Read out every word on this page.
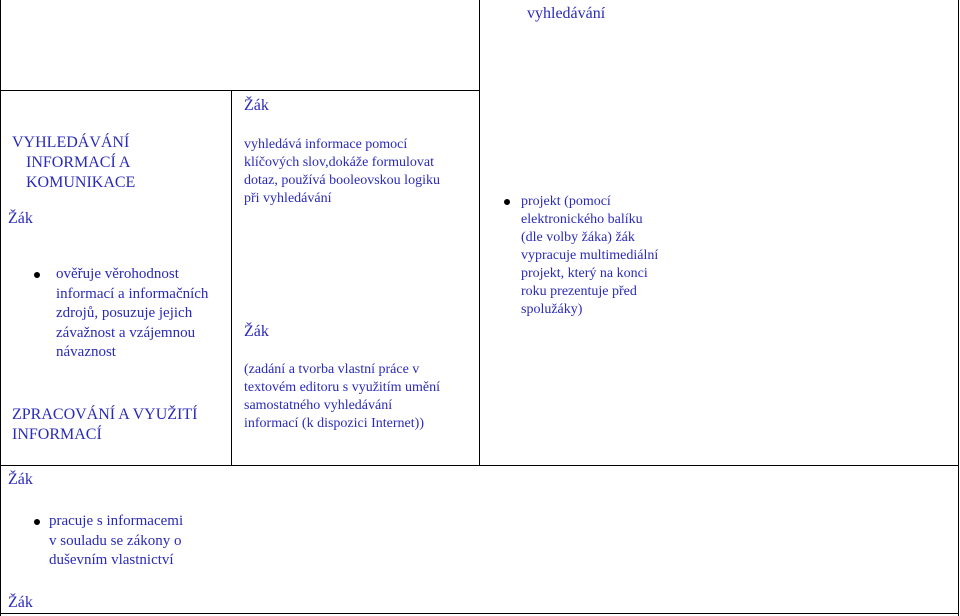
vyhledávání
VYHLEDÁVÁNÍ
INFORMACÍ A
KOMUNIKACE
Žák
ověřuje věrohodnost
informací a informačních
zdrojů, posuzuje jejich
závažnost a vzájemnou
návaznost
ZPRACOVÁNÍ A VYUŽITÍ
INFORMACÍ
Žák
pracuje s informacemi
v souladu se zákony o
duševním vlastnictví
Žák
Žák
vyhledává informace pomocí
klíčových slov,dokáže formulovat
dotaz, používá booleovskou logiku
při vyhledávání
Žák
(zadání a tvorba vlastní práce v
textovém editoru s využitím umění
samostatného vyhledávání
informací (k dispozici Internet))
projekt (pomocí
elektronického balíku
(dle volby žáka) žák
vypracuje multimediální
projekt, který na konci
roku prezentuje před
spolužáky)
